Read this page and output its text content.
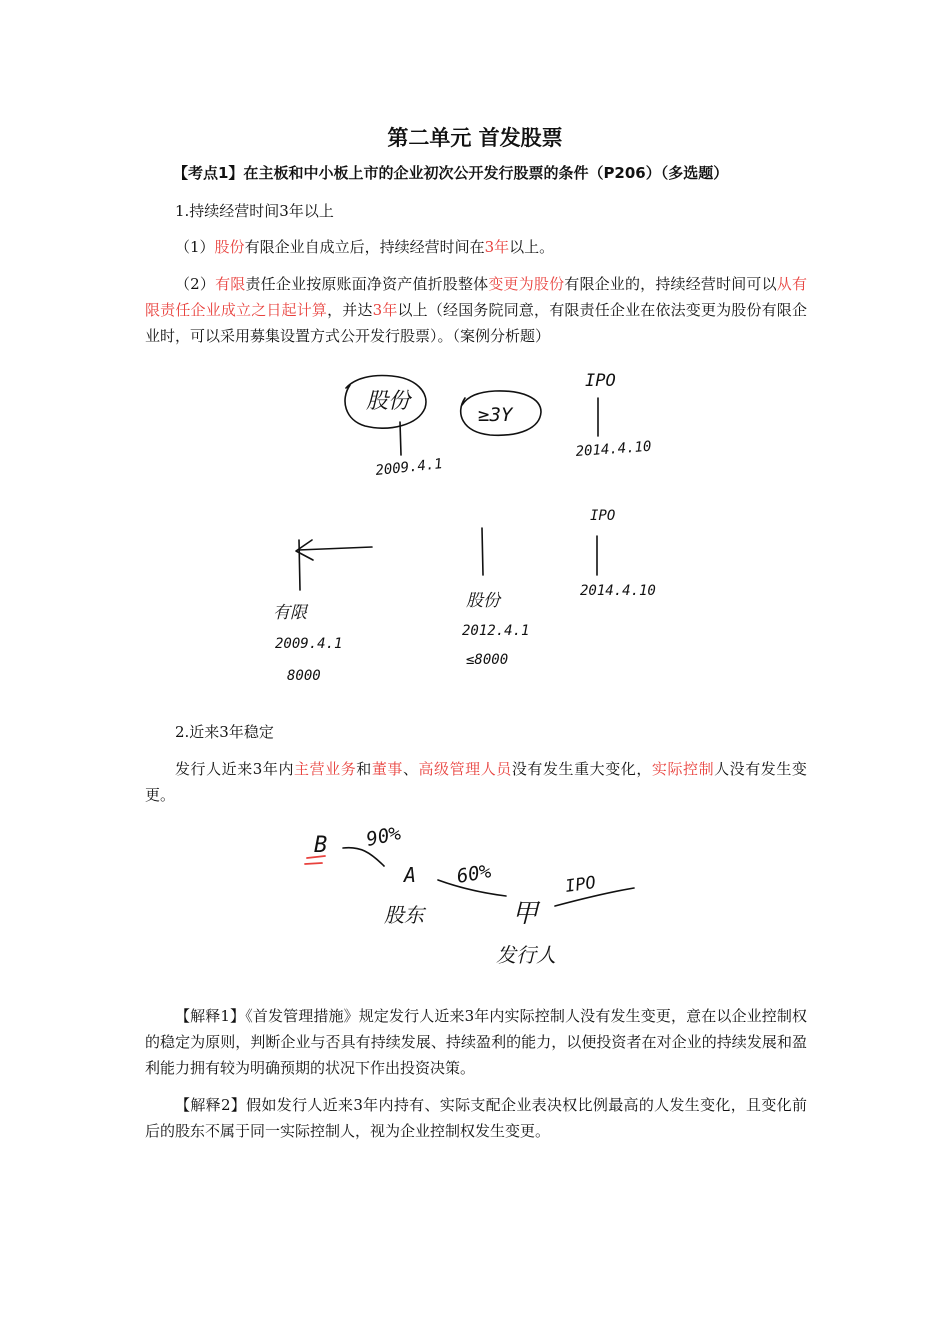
第二单元 首发股票
【考点1】在主板和中小板上市的企业初次公开发行股票的条件（P206）（多选题）
1.持续经营时间3年以上
（1）股份有限企业自成立后，持续经营时间在3年以上。
（2）有限责任企业按原账面净资产值折股整体变更为股份有限企业的，持续经营时间可以从有限责任企业成立之日起计算，并达3年以上（经国务院同意，有限责任企业在依法变更为股份有限企业时，可以采用募集设置方式公开发行股票）。（案例分析题）
股份
≥3Y
IPO
2009.4.1
2014.4.10
IPO
2014.4.10
股份
2012.4.1
≤8000
有限
2009.4.1
8000
2.近来3年稳定
发行人近来3年内主营业务和董事、高级管理人员没有发生重大变化，实际控制人没有发生变更。
B 90%
A
股东
60%
甲
IPO
发行人
【解释1】《首发管理措施》规定发行人近来3年内实际控制人没有发生变更，意在以企业控制权的稳定为原则，判断企业与否具有持续发展、持续盈利的能力，以便投资者在对企业的持续发展和盈利能力拥有较为明确预期的状况下作出投资决策。
【解释2】假如发行人近来3年内持有、实际支配企业表决权比例最高的人发生变化，且变化前后的股东不属于同一实际控制人，视为企业控制权发生变更。
